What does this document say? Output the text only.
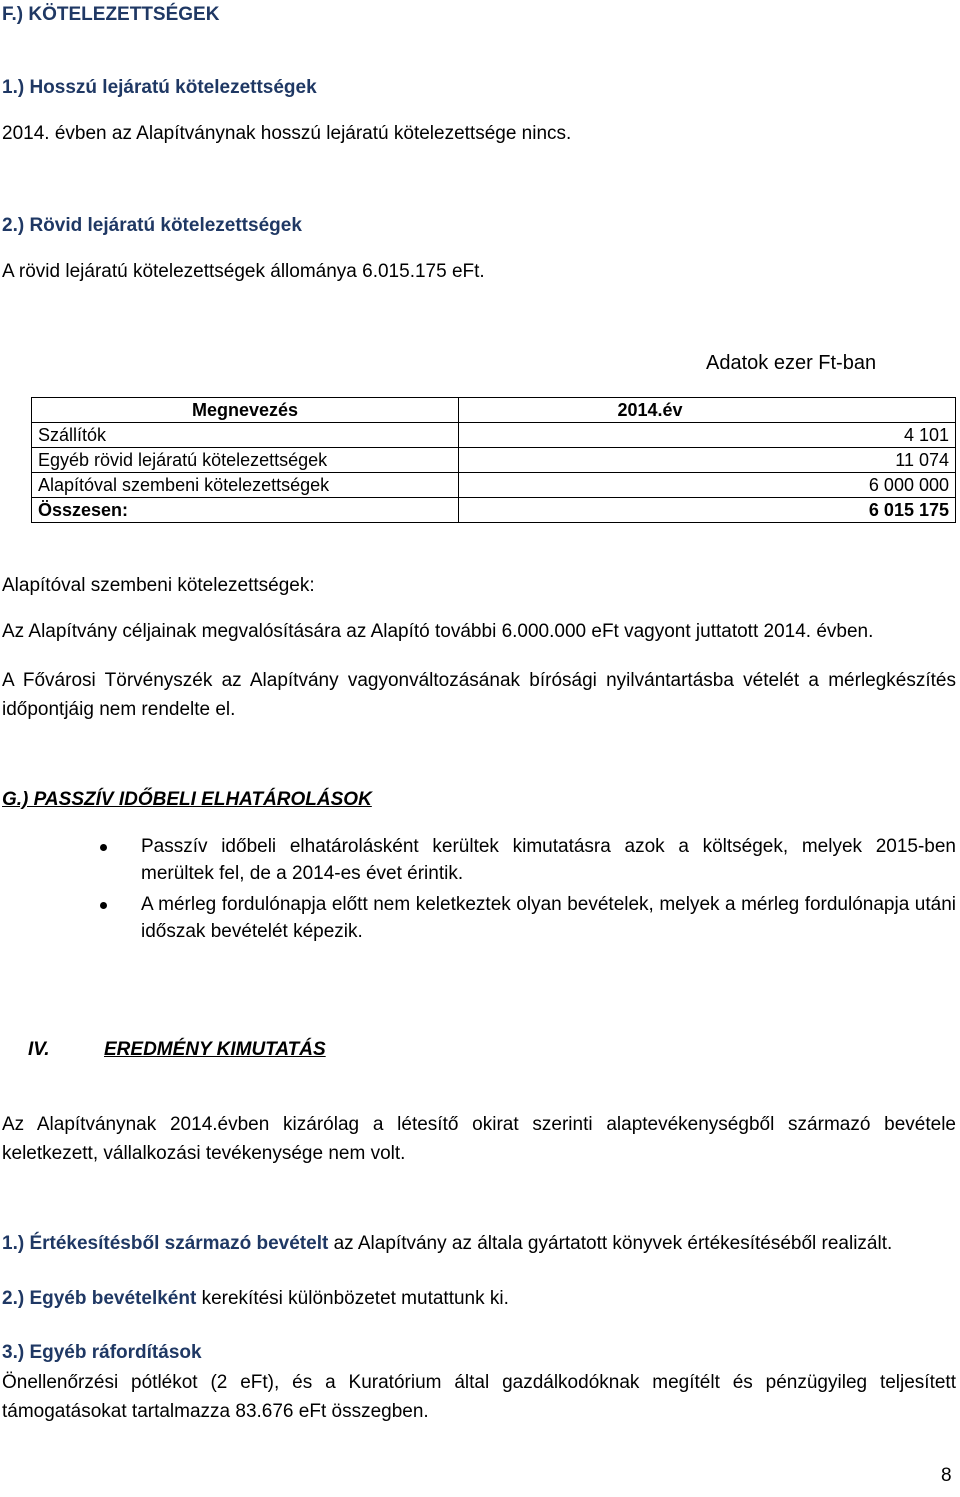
F.) KÖTELEZETTSÉGEK
1.) Hosszú lejáratú kötelezettségek
2014. évben az Alapítványnak hosszú lejáratú kötelezettsége nincs.
2.) Rövid lejáratú kötelezettségek
A rövid lejáratú kötelezettségek állománya 6.015.175 eFt.
Adatok ezer Ft-ban
Megnevezés	2014.év
Szállítók	4 101
Egyéb rövid lejáratú kötelezettségek	11 074
Alapítóval szembeni kötelezettségek	6 000 000
Összesen:	6 015 175
Alapítóval szembeni kötelezettségek:
Az Alapítvány céljainak megvalósítására az Alapító további 6.000.000 eFt vagyont juttatott 2014. évben.
A Fővárosi Törvényszék az Alapítvány vagyonváltozásának bírósági nyilvántartásba vételét a mérlegkészítés időpontjáig nem rendelte el.
G.) PASSZÍV IDŐBELI ELHATÁROLÁSOK
Passzív időbeli elhatárolásként kerültek kimutatásra azok a költségek, melyek 2015-ben merültek fel, de a 2014-es évet érintik.
A mérleg fordulónapja előtt nem keletkeztek olyan bevételek, melyek a mérleg fordulónapja utáni időszak bevételét képezik.
IV.	EREDMÉNY KIMUTATÁS
Az Alapítványnak 2014.évben kizárólag a létesítő okirat szerinti alaptevékenységből származó bevétele keletkezett, vállalkozási tevékenysége nem volt.
1.) Értékesítésből származó bevételt az Alapítvány az általa gyártatott könyvek értékesítéséből realizált.
2.) Egyéb bevételként kerekítési különbözetet mutattunk ki.
3.) Egyéb ráfordítások
Önellenőrzési pótlékot (2 eFt), és a Kuratórium által gazdálkodóknak megítélt és pénzügyileg teljesített támogatásokat tartalmazza 83.676 eFt összegben.
8
